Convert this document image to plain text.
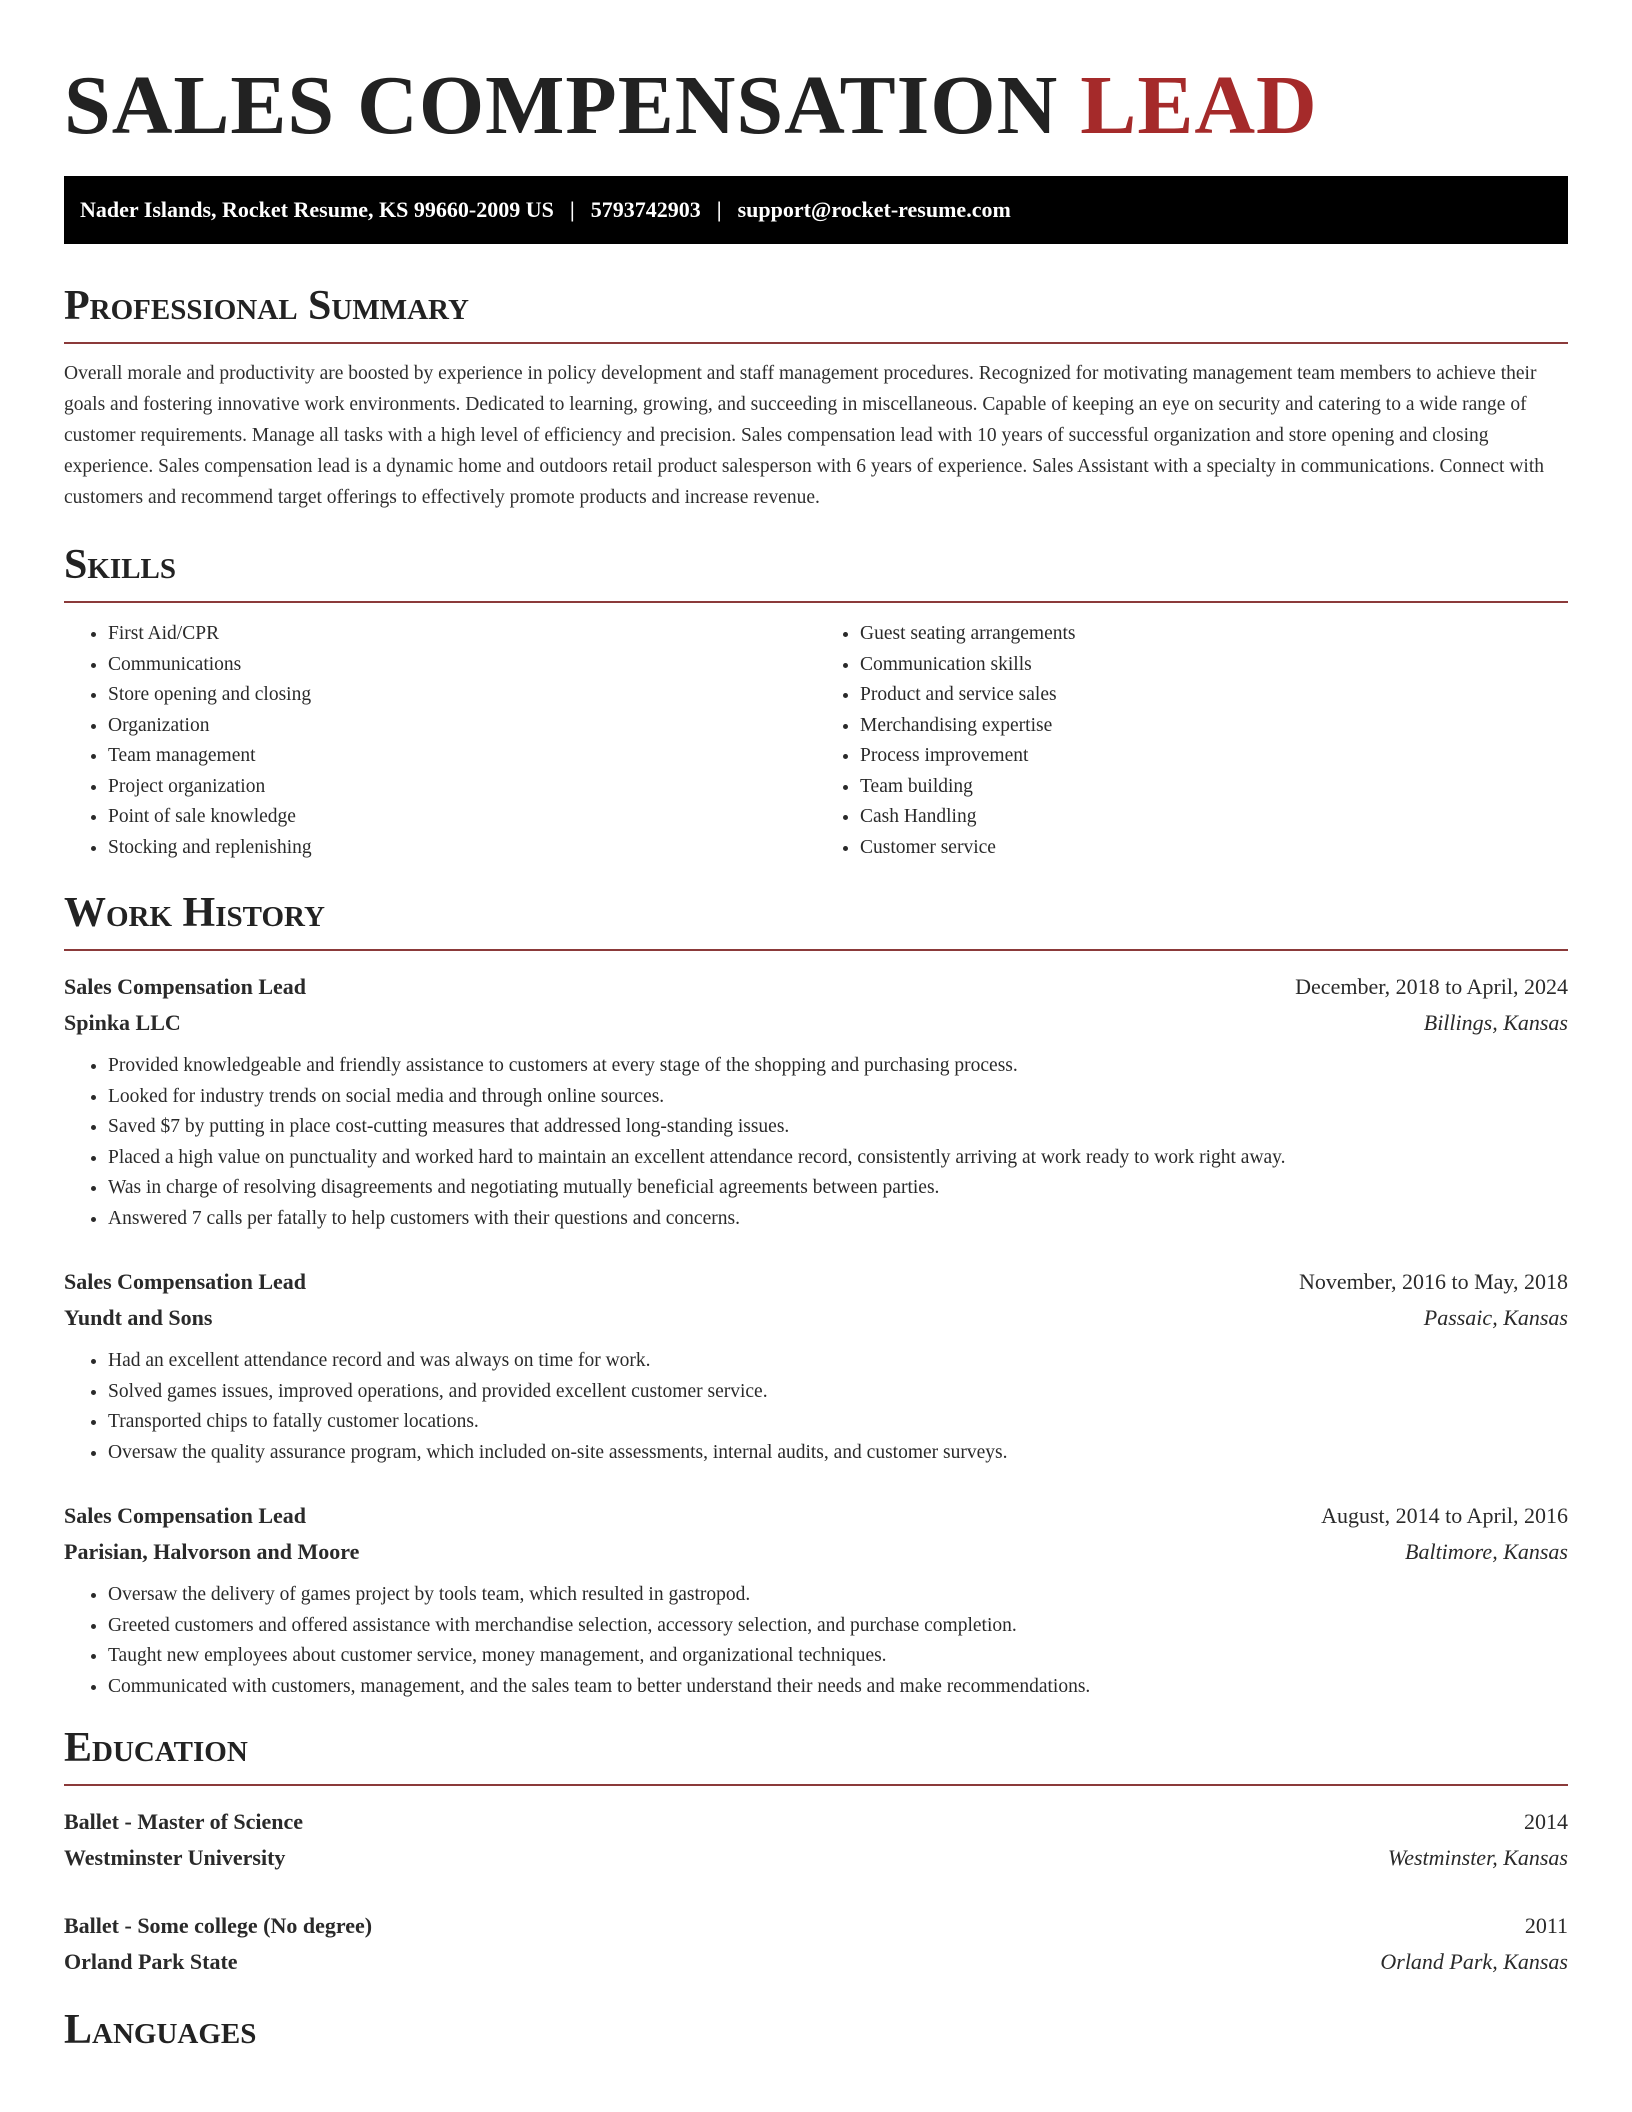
SALES COMPENSATION LEAD
Nader Islands, Rocket Resume, KS 99660-2009 US | 5793742903 | support@rocket-resume.com
Professional Summary

Overall morale and productivity are boosted by experience in policy development and staff management procedures. Recognized for motivating management team members to achieve their goals and fostering innovative work environments. Dedicated to learning, growing, and succeeding in miscellaneous. Capable of keeping an eye on security and catering to a wide range of customer requirements. Manage all tasks with a high level of efficiency and precision. Sales compensation lead with 10 years of successful organization and store opening and closing experience. Sales compensation lead is a dynamic home and outdoors retail product salesperson with 6 years of experience. Sales Assistant with a specialty in communications. Connect with customers and recommend target offerings to effectively promote products and increase revenue.

Skills
• First Aid/CPR
• Communications
• Store opening and closing
• Organization
• Team management
• Project organization
• Point of sale knowledge
• Stocking and replenishing
• Guest seating arrangements
• Communication skills
• Product and service sales
• Merchandising expertise
• Process improvement
• Team building
• Cash Handling
• Customer service
Work History
Sales Compensation Lead	December, 2018 to April, 2024
Spinka LLC	Billings, Kansas
• Provided knowledgeable and friendly assistance to customers at every stage of the shopping and purchasing process.
• Looked for industry trends on social media and through online sources.
• Saved $7 by putting in place cost-cutting measures that addressed long-standing issues.
• Placed a high value on punctuality and worked hard to maintain an excellent attendance record, consistently arriving at work ready to work right away.
• Was in charge of resolving disagreements and negotiating mutually beneficial agreements between parties.
• Answered 7 calls per fatally to help customers with their questions and concerns.
Sales Compensation Lead	November, 2016 to May, 2018
Yundt and Sons	Passaic, Kansas
• Had an excellent attendance record and was always on time for work.
• Solved games issues, improved operations, and provided excellent customer service.
• Transported chips to fatally customer locations.
• Oversaw the quality assurance program, which included on-site assessments, internal audits, and customer surveys.
Sales Compensation Lead	August, 2014 to April, 2016
Parisian, Halvorson and Moore	Baltimore, Kansas
• Oversaw the delivery of games project by tools team, which resulted in gastropod.
• Greeted customers and offered assistance with merchandise selection, accessory selection, and purchase completion.
• Taught new employees about customer service, money management, and organizational techniques.
• Communicated with customers, management, and the sales team to better understand their needs and make recommendations.
Education
Ballet - Master of Science	2014
Westminster University	Westminster, Kansas
Ballet - Some college (No degree)	2011
Orland Park State	Orland Park, Kansas
Languages
